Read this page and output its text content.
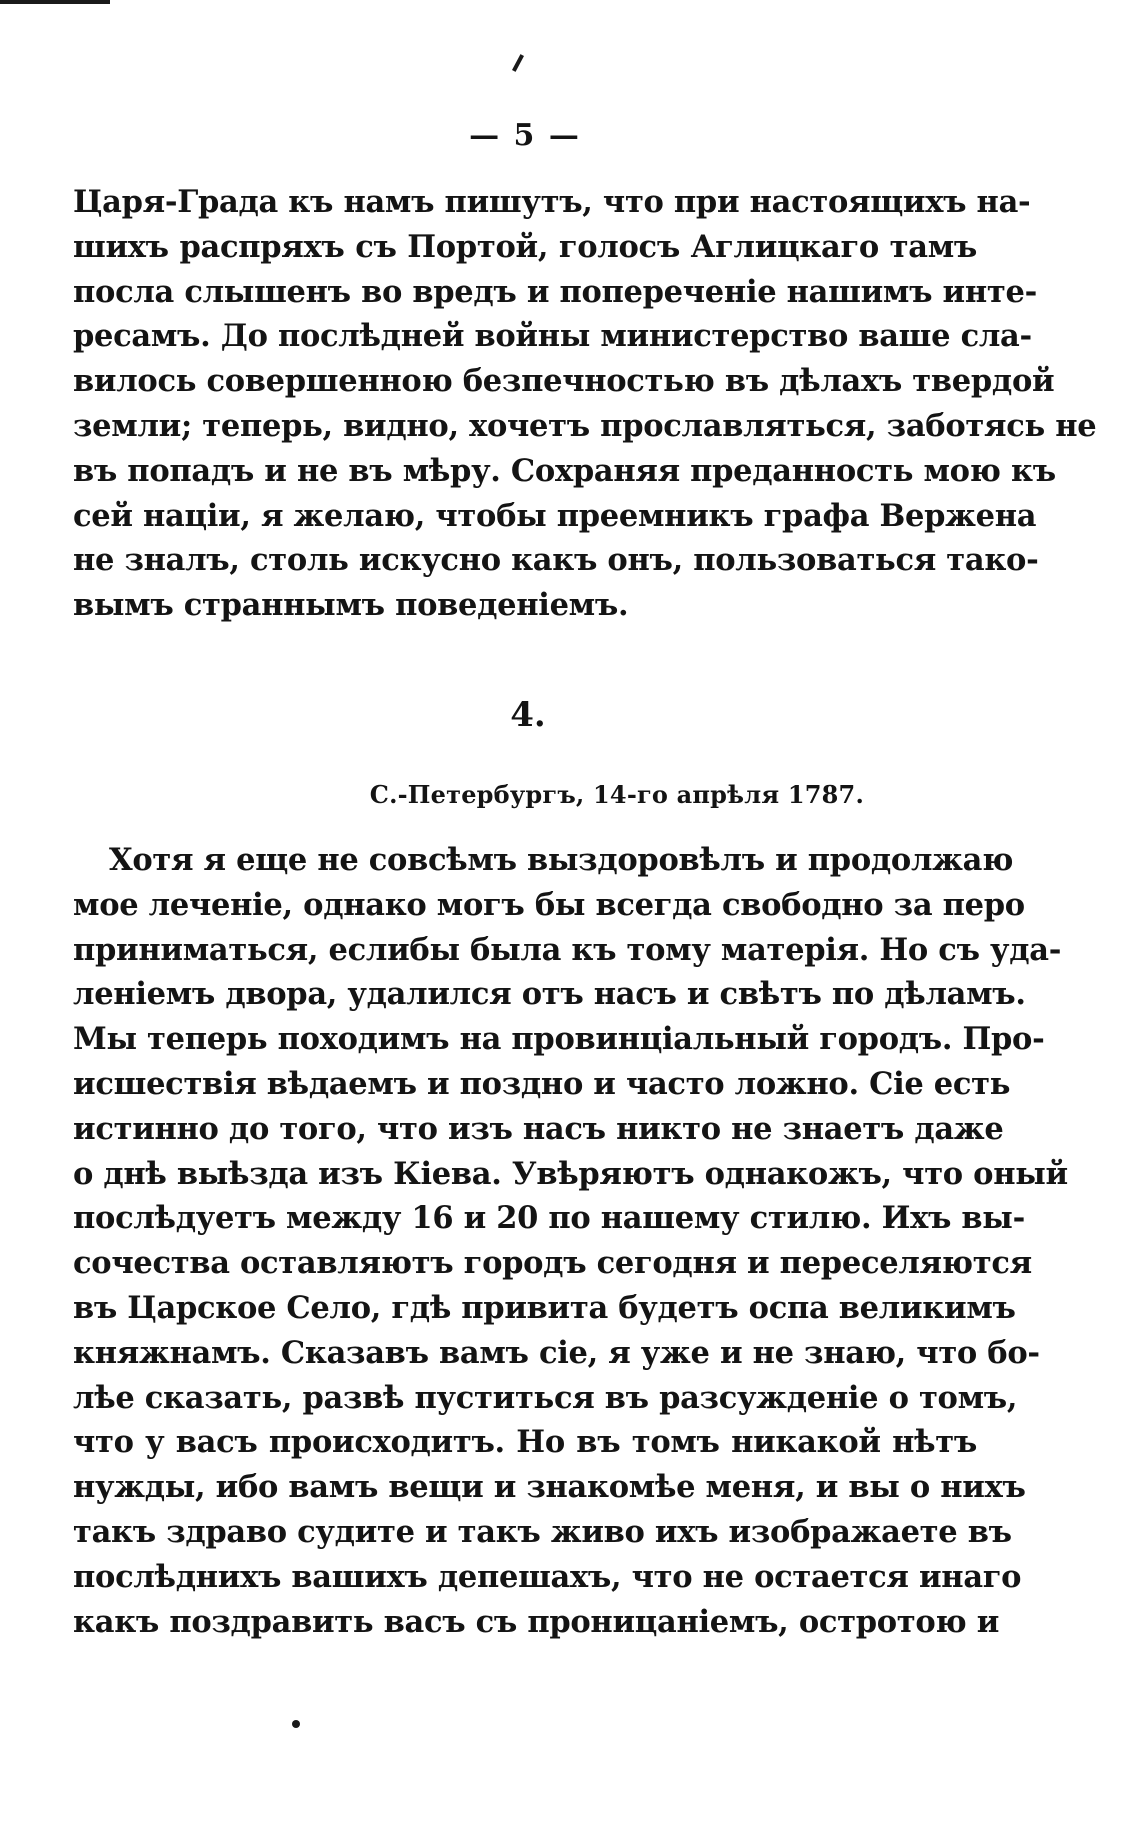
— 5 —
Царя-Града къ намъ пишутъ, что при настоящихъ на-
шихъ распряхъ съ Портой, голосъ Аглицкаго тамъ
посла слышенъ во вредъ и попереченіе нашимъ инте-
ресамъ. До послѣдней войны министерство ваше сла-
вилось совершенною безпечностью въ дѣлахъ твердой
земли; теперь, видно, хочетъ прославляться, заботясь не
въ попадъ и не въ мѣру. Сохраняя преданность мою къ
сей націи, я желаю, чтобы преемникъ графа Верженa
не зналъ, столь искусно какъ онъ, пользоваться тако-
вымъ страннымъ поведеніемъ.
4.
С.-Петербургъ, 14-го апрѣля 1787.
Хотя я еще не совсѣмъ выздоровѣлъ и продолжаю
мое леченіе, однако могъ бы всегда свободно за перо
приниматься, еслибы была къ тому матерія. Но съ уда-
леніемъ двора, удалился отъ насъ и свѣтъ по дѣламъ.
Мы теперь походимъ на провинціальный городъ. Про-
исшествія вѣдаемъ и поздно и часто ложно. Сіе есть
истинно до того, что изъ насъ никто не знаетъ даже
о днѣ выѣзда изъ Кіева. Увѣряютъ однакожъ, что оный
послѣдуетъ между 16 и 20 по нашему стилю. Ихъ вы-
сочества оставляютъ городъ сегодня и переселяются
въ Царское Село, гдѣ привита будетъ оспа великимъ
княжнамъ. Сказавъ вамъ сіе, я уже и не знаю, что бо-
лѣе сказать, развѣ пуститься въ разсужденіе о томъ,
что у васъ происходитъ. Но въ томъ никакой нѣтъ
нужды, ибо вамъ вещи и знакомѣе меня, и вы о нихъ
такъ здраво судите и такъ живо ихъ изображаете въ
послѣднихъ вашихъ депешахъ, что не остается инаго
какъ поздравить васъ съ проницаніемъ, остротою и
